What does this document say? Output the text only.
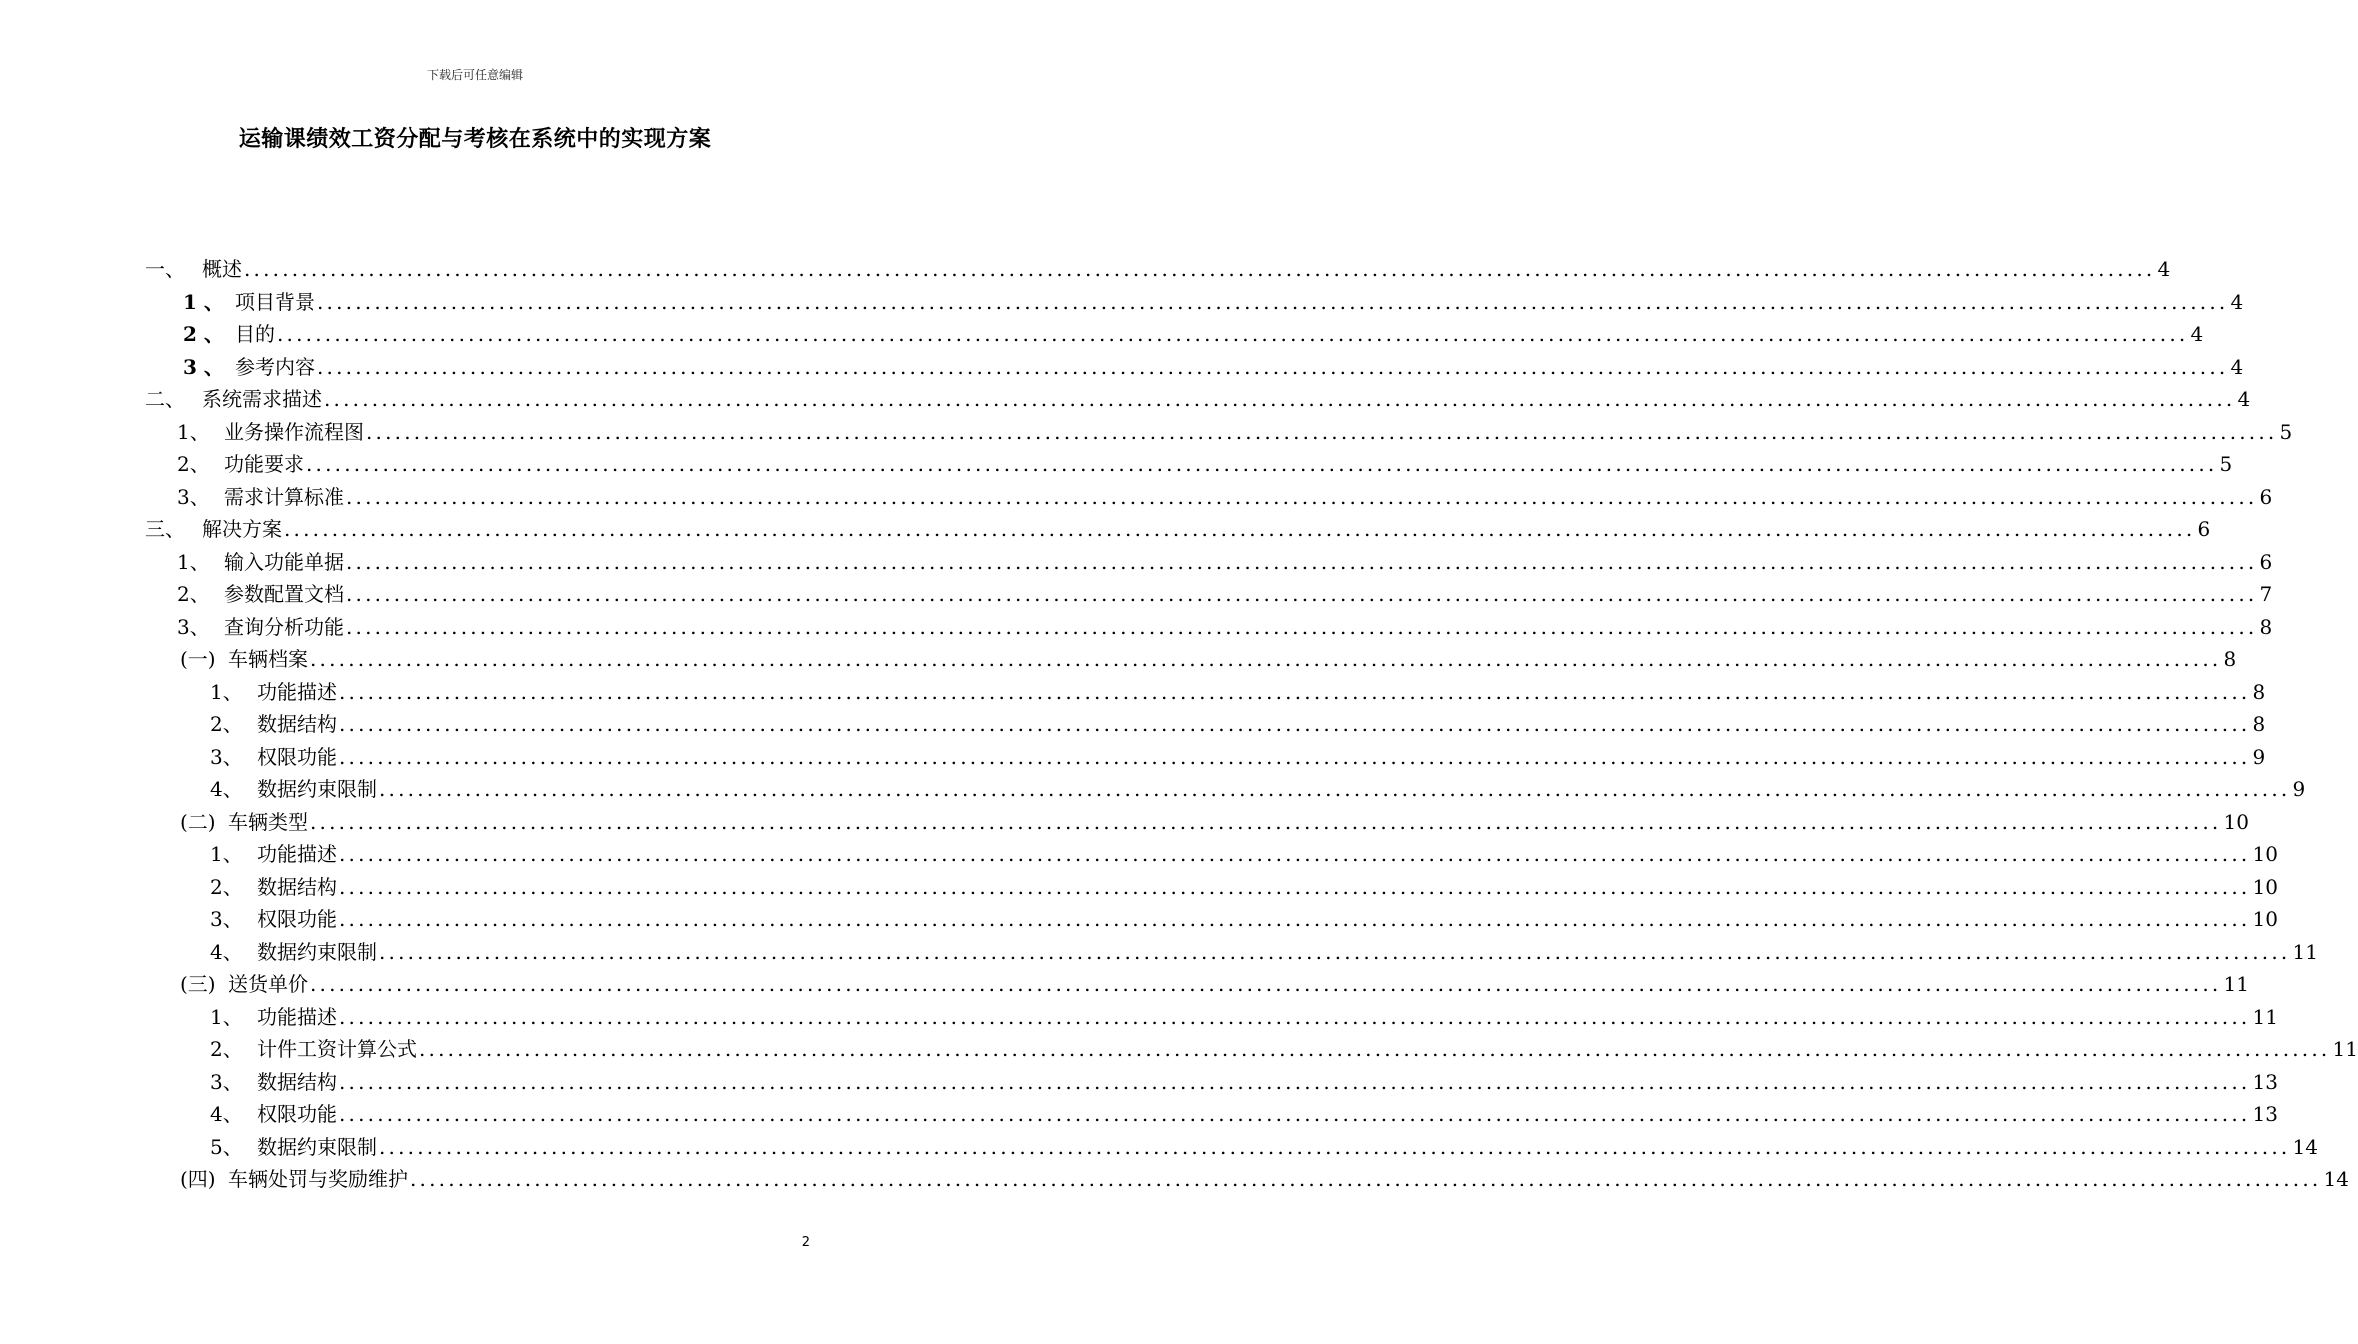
下载后可任意编辑
运输课绩效工资分配与考核在系统中的实现方案
一、 概述 ........................................................................................................................................................................................................ 4
1 、 项目背景 ........................................................................................................................................................................................................ 4
2 、 目的 ........................................................................................................................................................................................................ 4
3 、 参考内容 ........................................................................................................................................................................................................ 4
二、 系统需求描述 ........................................................................................................................................................................................................ 4
1、 业务操作流程图 ........................................................................................................................................................................................................ 5
2、 功能要求 ........................................................................................................................................................................................................ 5
3、 需求计算标准 ........................................................................................................................................................................................................ 6
三、 解决方案 ........................................................................................................................................................................................................ 6
1、 输入功能单据 ........................................................................................................................................................................................................ 6
2、 参数配置文档 ........................................................................................................................................................................................................ 7
3、 查询分析功能 ........................................................................................................................................................................................................ 8
(一) 车辆档案 ........................................................................................................................................................................................................ 8
1、 功能描述 ........................................................................................................................................................................................................ 8
2、 数据结构 ........................................................................................................................................................................................................ 8
3、 权限功能 ........................................................................................................................................................................................................ 9
4、 数据约束限制 ........................................................................................................................................................................................................ 9
(二) 车辆类型 ........................................................................................................................................................................................................ 10
1、 功能描述 ........................................................................................................................................................................................................ 10
2、 数据结构 ........................................................................................................................................................................................................ 10
3、 权限功能 ........................................................................................................................................................................................................ 10
4、 数据约束限制 ........................................................................................................................................................................................................ 11
(三) 送货单价 ........................................................................................................................................................................................................ 11
1、 功能描述 ........................................................................................................................................................................................................ 11
2、 计件工资计算公式 ........................................................................................................................................................................................................ 11
3、 数据结构 ........................................................................................................................................................................................................ 13
4、 权限功能 ........................................................................................................................................................................................................ 13
5、 数据约束限制 ........................................................................................................................................................................................................ 14
(四) 车辆处罚与奖励维护 ........................................................................................................................................................................................................ 14
2
